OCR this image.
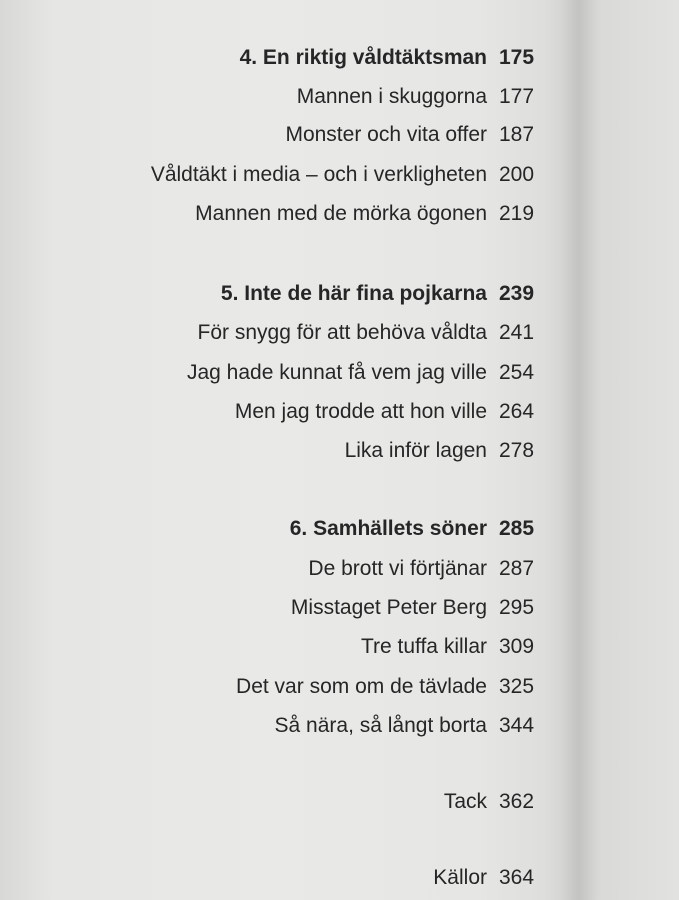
4. En riktig våldtäktsman 175
Mannen i skuggorna 177
Monster och vita offer 187
Våldtäkt i media – och i verkligheten 200
Mannen med de mörka ögonen 219
5. Inte de här fina pojkarna 239
För snygg för att behöva våldta 241
Jag hade kunnat få vem jag ville 254
Men jag trodde att hon ville 264
Lika inför lagen 278
6. Samhällets söner 285
De brott vi förtjänar 287
Misstaget Peter Berg 295
Tre tuffa killar 309
Det var som om de tävlade 325
Så nära, så långt borta 344
Tack 362
Källor 364
